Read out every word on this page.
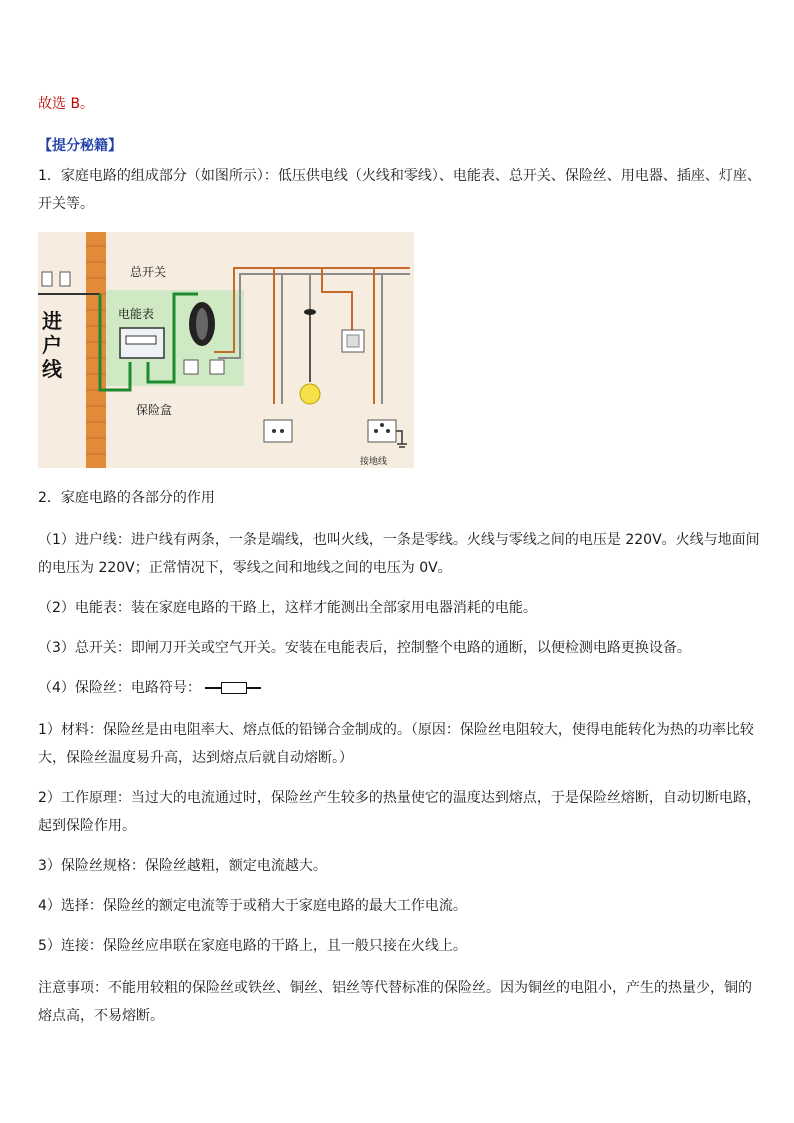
故选 B。
【提分秘籍】
1．家庭电路的组成部分（如图所示）：低压供电线（火线和零线）、电能表、总开关、保险丝、用电器、插座、灯座、
开关等。
进
户
线
总开关
电能表
保险盒
接地线
2．家庭电路的各部分的作用
（1）进户线：进户线有两条，一条是端线，也叫火线，一条是零线。火线与零线之间的电压是 220V。火线与地面间
的电压为 220V；正常情况下，零线之间和地线之间的电压为 0V。
（2）电能表：装在家庭电路的干路上，这样才能测出全部家用电器消耗的电能。
（3）总开关：即闸刀开关或空气开关。安装在电能表后，控制整个电路的通断，以便检测电路更换设备。
（4）保险丝：电路符号：
1）材料：保险丝是由电阻率大、熔点低的铅锑合金制成的。（原因：保险丝电阻较大，使得电能转化为热的功率比较
大，保险丝温度易升高，达到熔点后就自动熔断。）
2）工作原理：当过大的电流通过时，保险丝产生较多的热量使它的温度达到熔点，于是保险丝熔断，自动切断电路，
起到保险作用。
3）保险丝规格：保险丝越粗，额定电流越大。
4）选择：保险丝的额定电流等于或稍大于家庭电路的最大工作电流。
5）连接：保险丝应串联在家庭电路的干路上，且一般只接在火线上。
注意事项：不能用较粗的保险丝或铁丝、铜丝、铝丝等代替标准的保险丝。因为铜丝的电阻小，产生的热量少，铜的
熔点高，不易熔断。
